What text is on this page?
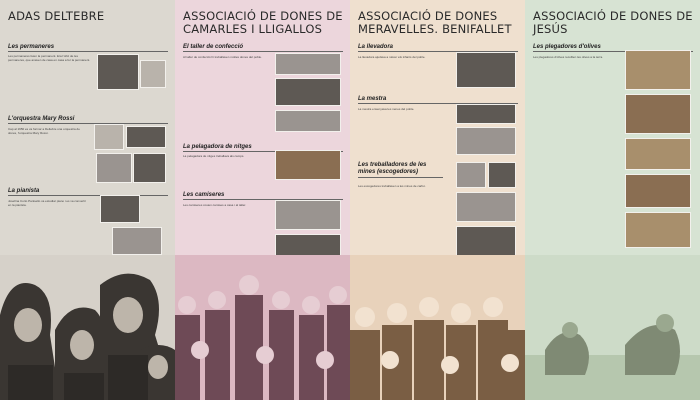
ADAS DELTEBRE
Les permaneres
Les permaneres feien la permanent. Era l'ofici de les permaneres, que anaven de casa en casa a fer la permanent.
L'orquestra Mary Rossi
Cap al 1950 es va formar a Deltebre una orquestra de dones, l'orquestra Mary Rossi.
La pianista
Josefina Curto Panisello va estudiar piano i es va convertir en la pianista.
ASSOCIACIÓ DE DONES DE CAMARLES I LLIGALLOS
El taller de confecció
Al taller de confecció hi treballaven moltes dones del poble.
La pelagadora de nitges
La pelagadora de nitges treballava als camps.
Les camiseres
Les camiseres cosien camises a casa i al taller.
ASSOCIACIÓ DE DONES MERAVELLES. BENIFALLET
La llevadora
La llevadora ajudava a néixer els infants del poble.
La mestra
La mestra ensenyava les nenes del poble.
Les treballadores de les mines (escogedores)
Les escogedores treballaven a les mines de carbó.
ASSOCIACIÓ DE DONES DE JESÚS
Les plegadores d'olives
Les plegadores d'olives recollien les olives a la terra.
